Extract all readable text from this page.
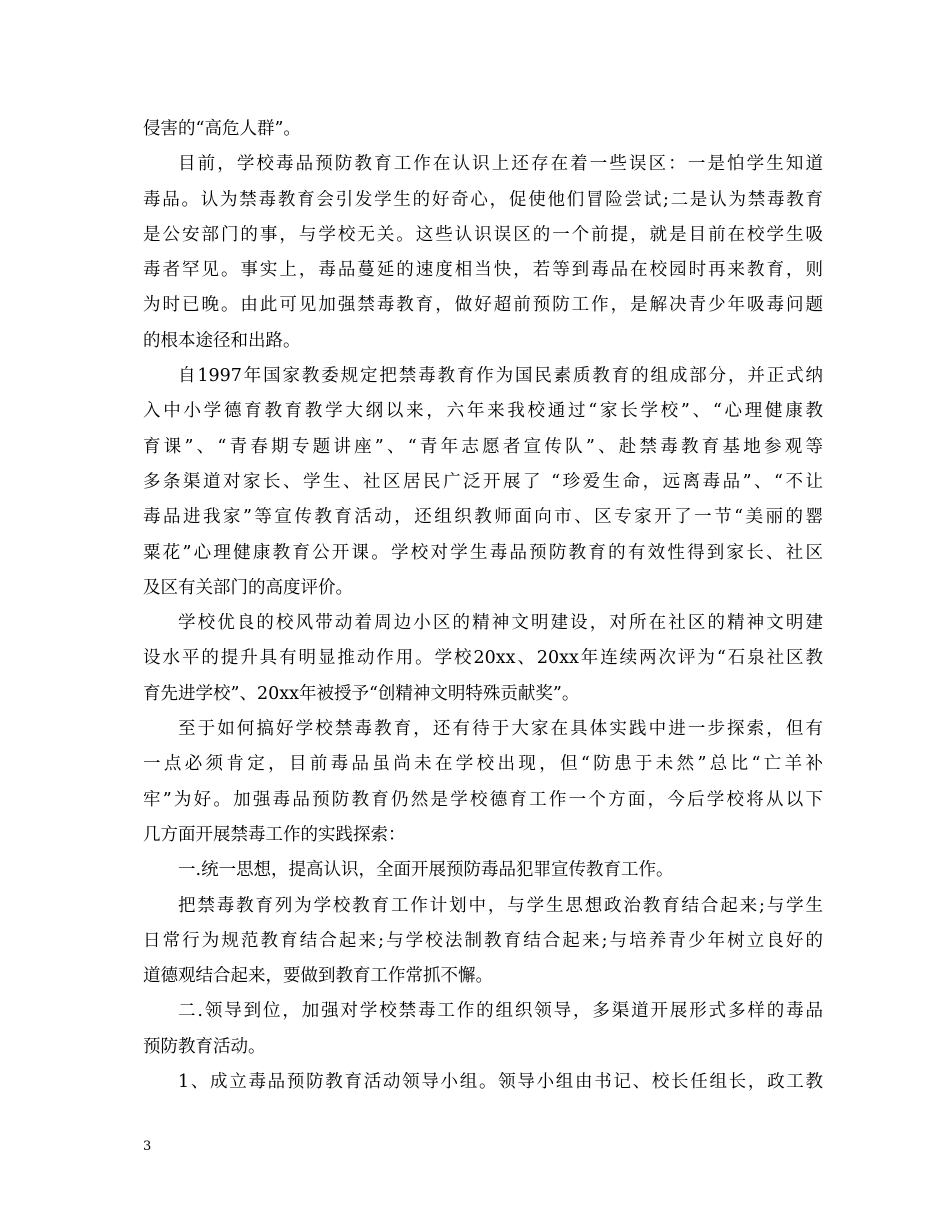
侵害的“高危人群”。
目前，学校毒品预防教育工作在认识上还存在着一些误区：一是怕学生知道
毒品。认为禁毒教育会引发学生的好奇心，促使他们冒险尝试;二是认为禁毒教育
是公安部门的事，与学校无关。这些认识误区的一个前提，就是目前在校学生吸
毒者罕见。事实上，毒品蔓延的速度相当快，若等到毒品在校园时再来教育，则
为时已晚。由此可见加强禁毒教育，做好超前预防工作，是解决青少年吸毒问题
的根本途径和出路。
自1997年国家教委规定把禁毒教育作为国民素质教育的组成部分，并正式纳
入中小学德育教育教学大纲以来，六年来我校通过“家长学校”、“心理健康教
育课”、“青春期专题讲座”、“青年志愿者宣传队”、赴禁毒教育基地参观等
多条渠道对家长、学生、社区居民广泛开展了 “珍爱生命，远离毒品”、“不让
毒品进我家”等宣传教育活动，还组织教师面向市、区专家开了一节“美丽的罂
粟花”心理健康教育公开课。学校对学生毒品预防教育的有效性得到家长、社区
及区有关部门的高度评价。
学校优良的校风带动着周边小区的精神文明建设，对所在社区的精神文明建
设水平的提升具有明显推动作用。学校20xx、20xx年连续两次评为“石泉社区教
育先进学校”、20xx年被授予“创精神文明特殊贡献奖”。
至于如何搞好学校禁毒教育，还有待于大家在具体实践中进一步探索，但有
一点必须肯定，目前毒品虽尚未在学校出现，但“防患于未然”总比“亡羊补
牢”为好。加强毒品预防教育仍然是学校德育工作一个方面，今后学校将从以下
几方面开展禁毒工作的实践探索：
一.统一思想，提高认识，全面开展预防毒品犯罪宣传教育工作。
把禁毒教育列为学校教育工作计划中，与学生思想政治教育结合起来;与学生
日常行为规范教育结合起来;与学校法制教育结合起来;与培养青少年树立良好的
道德观结合起来，要做到教育工作常抓不懈。
二.领导到位，加强对学校禁毒工作的组织领导，多渠道开展形式多样的毒品
预防教育活动。
1、成立毒品预防教育活动领导小组。领导小组由书记、校长任组长，政工教
3
